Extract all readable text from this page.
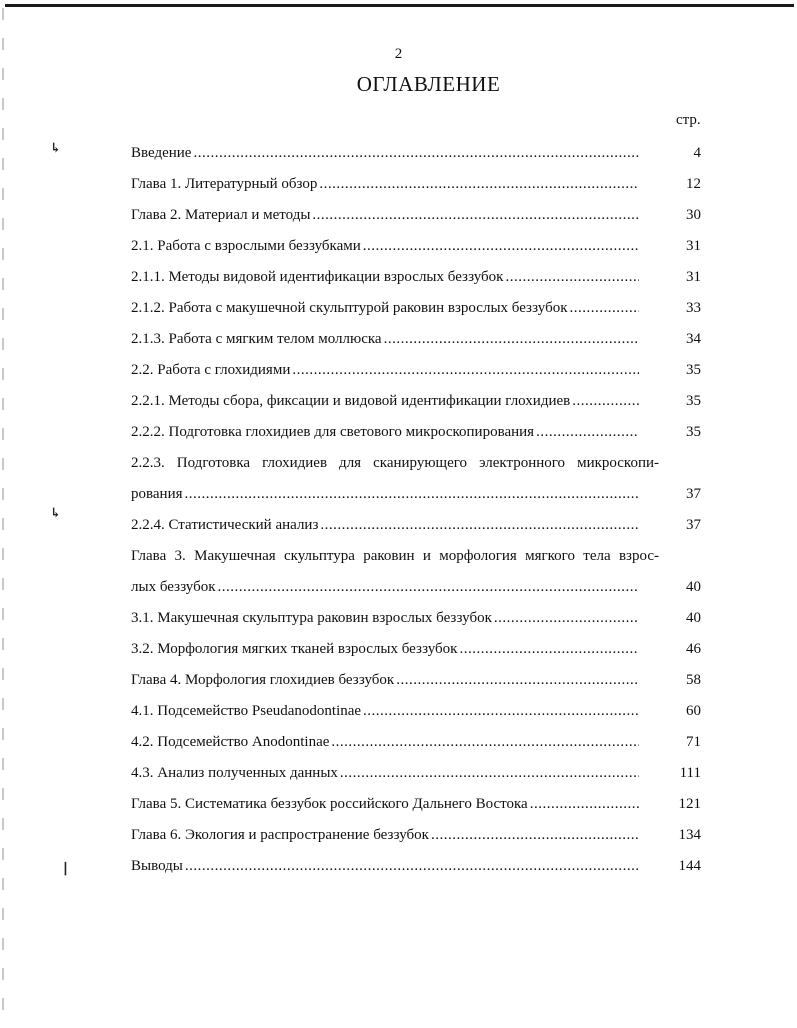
↳
↳
❘
2
ОГЛАВЛЕНИЕ
стр.
Введение .....	4
Глава 1. Литературный обзор .....	12
Глава 2. Материал и методы .....	30
2.1. Работа с взрослыми беззубками .....	31
2.1.1. Методы видовой идентификации взрослых беззубок .....	31
2.1.2. Работа с макушечной скульптурой раковин взрослых беззубок .....	33
2.1.3. Работа с мягким телом моллюска .....	34
2.2. Работа с глохидиями .....	35
2.2.1. Методы сбора, фиксации и видовой идентификации глохидиев .....	35
2.2.2. Подготовка глохидиев для светового микроскопирования .....	35
2.2.3. Подготовка глохидиев для сканирующего электронного микроскопи-
рования .....	37
2.2.4. Статистический анализ .....	37
Глава 3. Макушечная скульптура раковин и морфология мягкого тела взрос-
лых беззубок .....	40
3.1. Макушечная скульптура раковин взрослых беззубок .....	40
3.2. Морфология мягких тканей взрослых беззубок .....	46
Глава 4. Морфология глохидиев беззубок .....	58
4.1. Подсемейство Pseudanodontinae .....	60
4.2. Подсемейство Anodontinae .....	71
4.3. Анализ полученных данных .....	111
Глава 5. Систематика беззубок российского Дальнего Востока .....	121
Глава 6. Экология и распространение беззубок .....	134
Выводы .....	144
